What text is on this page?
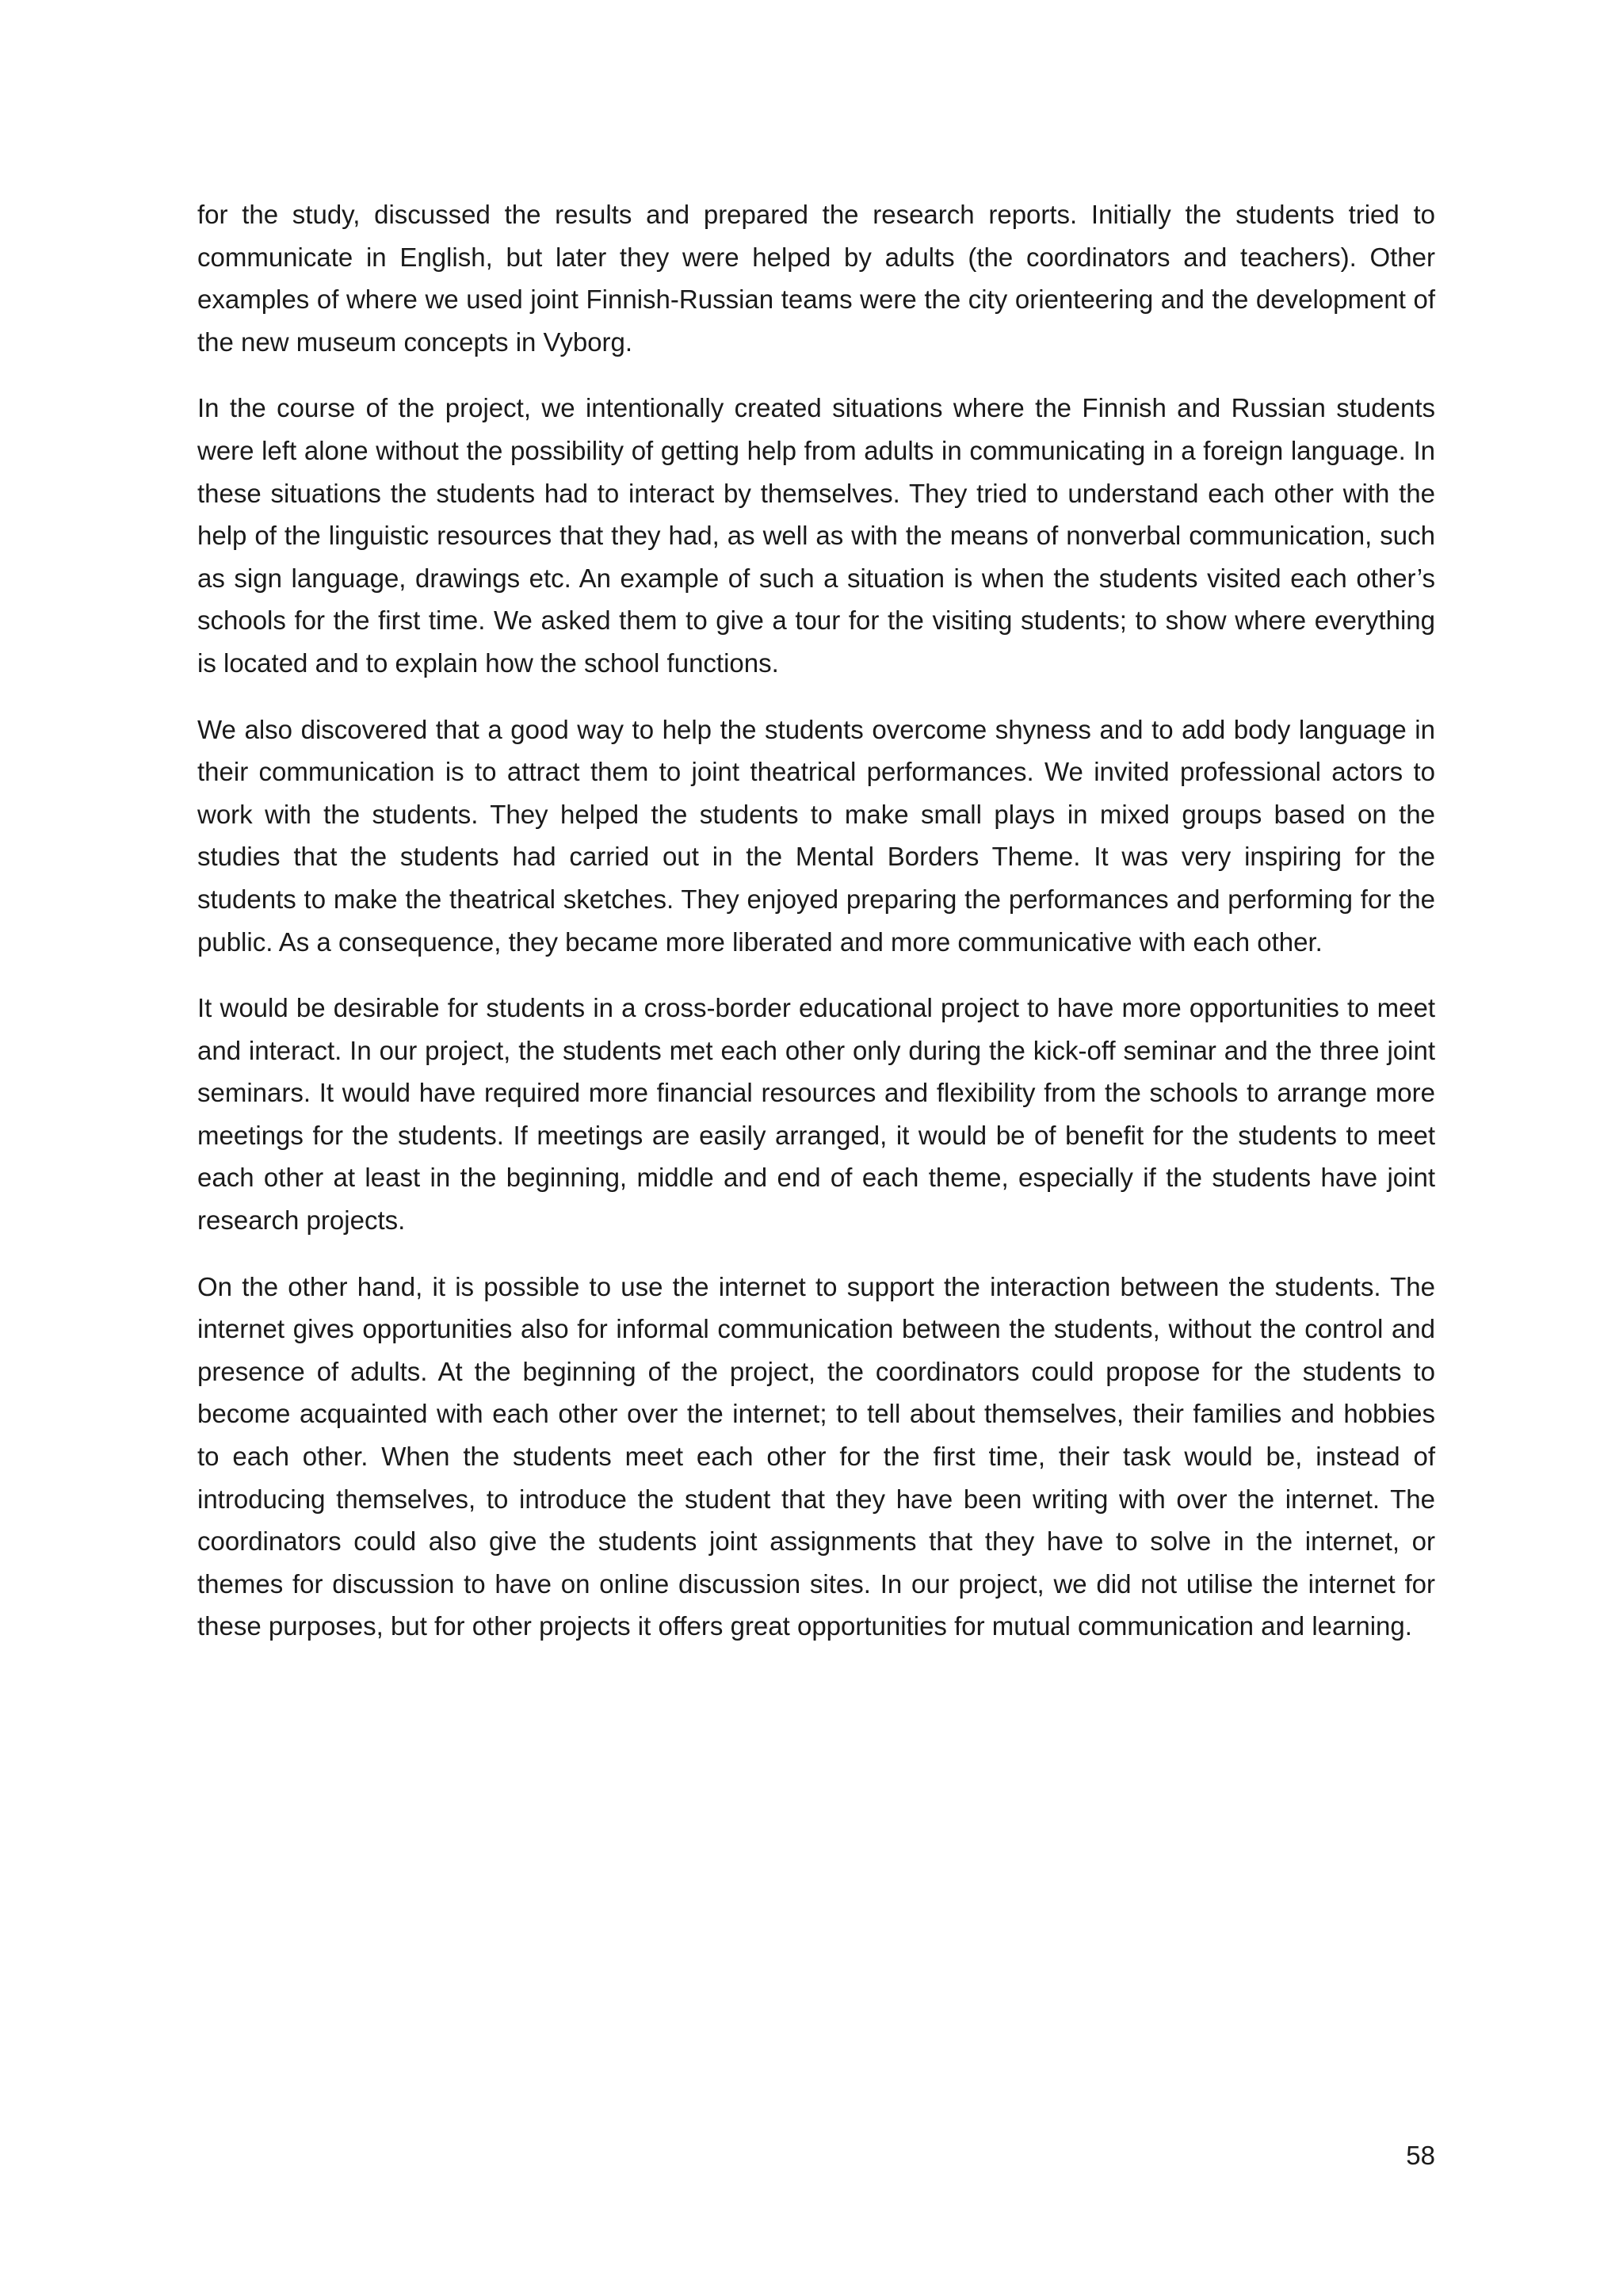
for the study, discussed the results and prepared the research reports. Initially the students tried to communicate in English, but later they were helped by adults (the coordinators and teachers). Other examples of where we used joint Finnish-Russian teams were the city orienteering and the development of the new museum concepts in Vyborg.

In the course of the project, we intentionally created situations where the Finnish and Russian students were left alone without the possibility of getting help from adults in communicating in a foreign language. In these situations the students had to interact by themselves. They tried to understand each other with the help of the linguistic resources that they had, as well as with the means of nonverbal communication, such as sign language, drawings etc. An example of such a situation is when the students visited each other’s schools for the first time. We asked them to give a tour for the visiting students; to show where everything is located and to explain how the school functions.

We also discovered that a good way to help the students overcome shyness and to add body language in their communication is to attract them to joint theatrical performances. We invited professional actors to work with the students. They helped the students to make small plays in mixed groups based on the studies that the students had carried out in the Mental Borders Theme. It was very inspiring for the students to make the theatrical sketches. They enjoyed preparing the performances and performing for the public. As a consequence, they became more liberated and more communicative with each other.

It would be desirable for students in a cross-border educational project to have more opportunities to meet and interact. In our project, the students met each other only during the kick-off seminar and the three joint seminars. It would have required more financial resources and flexibility from the schools to arrange more meetings for the students. If meetings are easily arranged, it would be of benefit for the students to meet each other at least in the beginning, middle and end of each theme, especially if the students have joint research projects.

On the other hand, it is possible to use the internet to support the interaction between the students. The internet gives opportunities also for informal communication between the students, without the control and presence of adults. At the beginning of the project, the coordinators could propose for the students to become acquainted with each other over the internet; to tell about themselves, their families and hobbies to each other. When the students meet each other for the first time, their task would be, instead of introducing themselves, to introduce the student that they have been writing with over the internet. The coordinators could also give the students joint assignments that they have to solve in the internet, or themes for discussion to have on online discussion sites. In our project, we did not utilise the internet for these purposes, but for other projects it offers great opportunities for mutual communication and learning.

58
